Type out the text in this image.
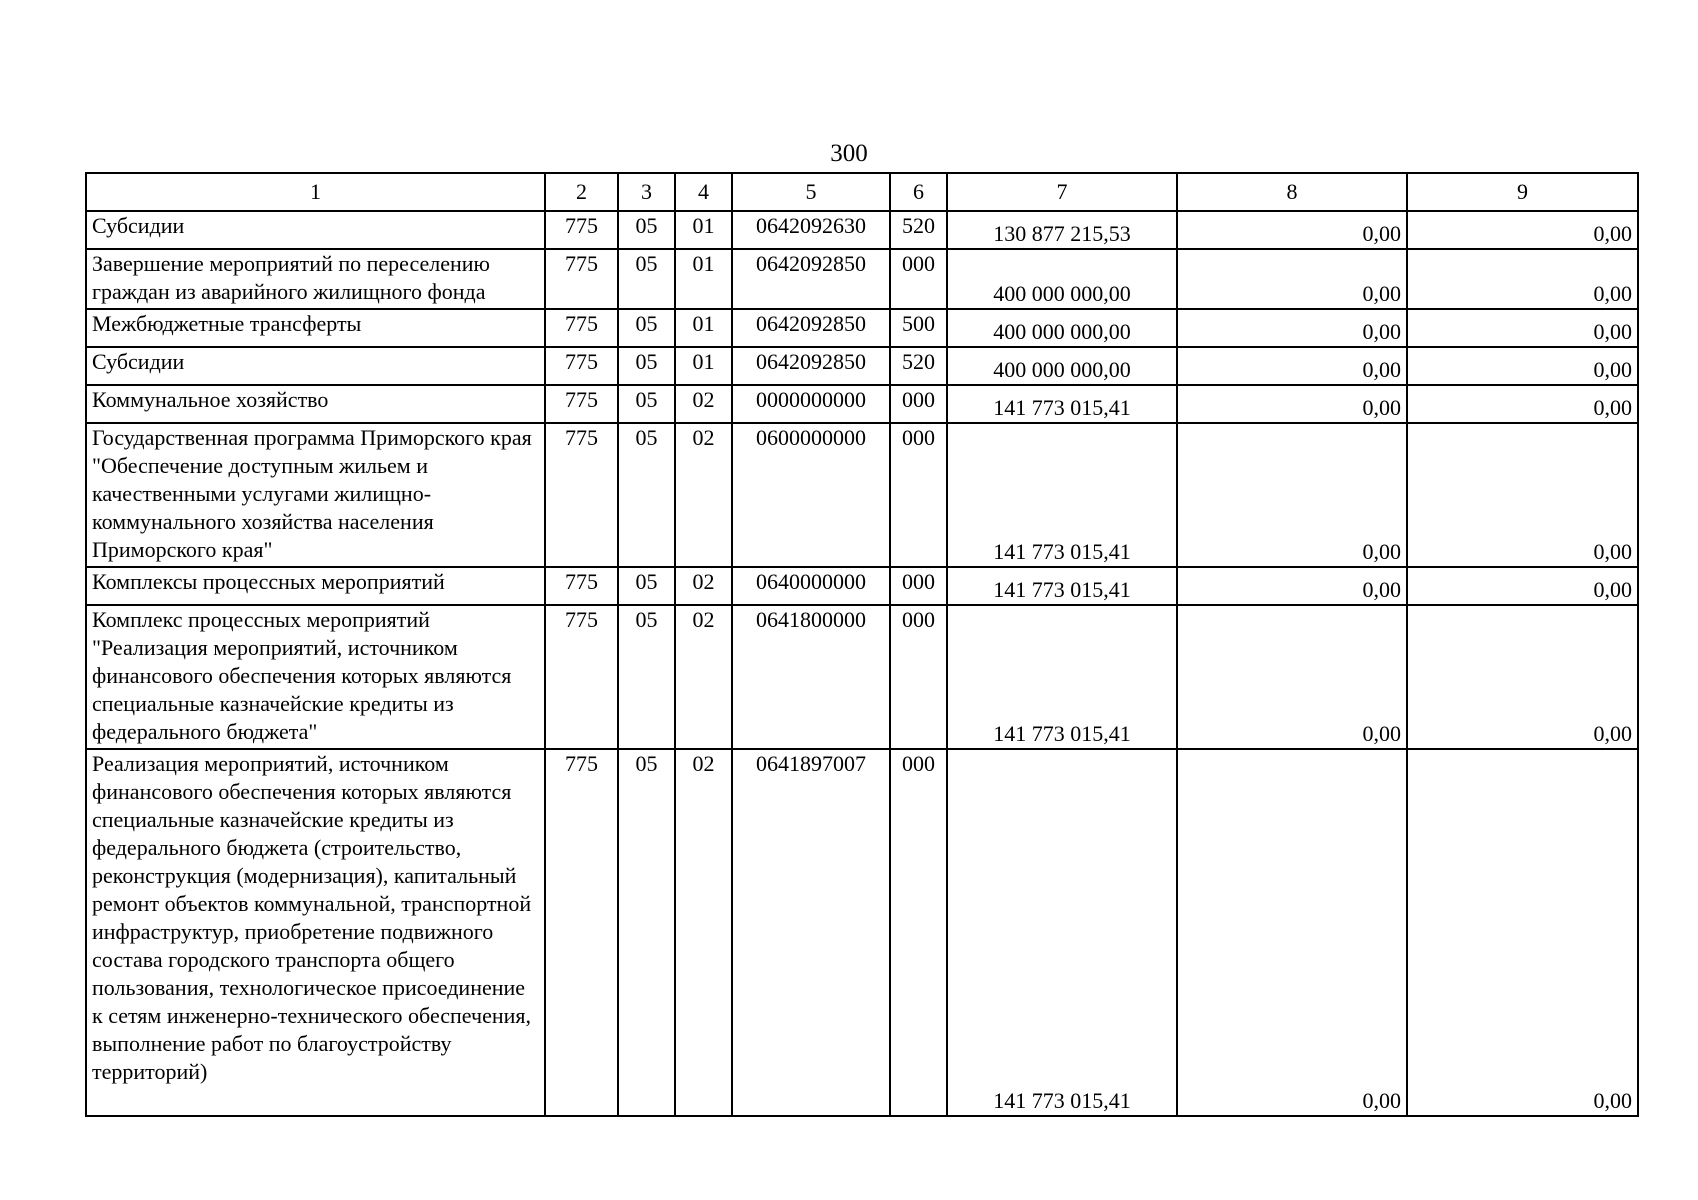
300
1	2	3	4	5	6	7	8	9
Субсидии	775	05	01	0642092630	520	130 877 215,53	0,00	0,00
Завершение мероприятий по переселению граждан из аварийного жилищного фонда	775	05	01	0642092850	000	400 000 000,00	0,00	0,00
Межбюджетные трансферты	775	05	01	0642092850	500	400 000 000,00	0,00	0,00
Субсидии	775	05	01	0642092850	520	400 000 000,00	0,00	0,00
Коммунальное хозяйство	775	05	02	0000000000	000	141 773 015,41	0,00	0,00
Государственная программа Приморского края "Обеспечение доступным жильем и качественными услугами жилищно-коммунального хозяйства населения Приморского края"	775	05	02	0600000000	000	141 773 015,41	0,00	0,00
Комплексы процессных мероприятий	775	05	02	0640000000	000	141 773 015,41	0,00	0,00
Комплекс процессных мероприятий "Реализация мероприятий, источником финансового обеспечения которых являются специальные казначейские кредиты из федерального бюджета"	775	05	02	0641800000	000	141 773 015,41	0,00	0,00
Реализация мероприятий, источником финансового обеспечения которых являются специальные казначейские кредиты из федерального бюджета (строительство, реконструкция (модернизация), капитальный ремонт объектов коммунальной, транспортной инфраструктур, приобретение подвижного состава городского транспорта общего пользования, технологическое присоединение к сетям инженерно-технического обеспечения, выполнение работ по благоустройству территорий)	775	05	02	0641897007	000	141 773 015,41	0,00	0,00
